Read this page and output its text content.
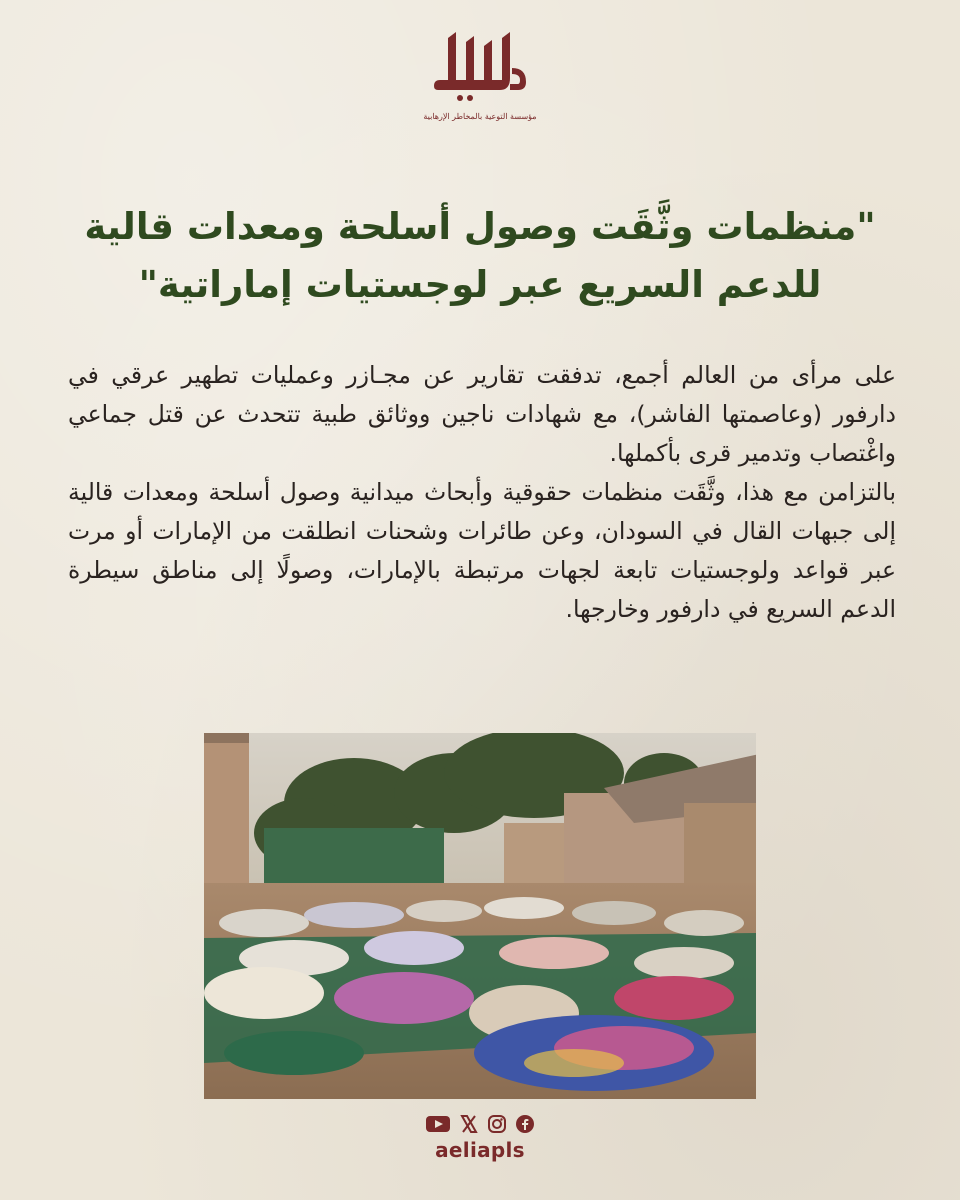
مؤسسة التوعية بالمخاطر الإرهابية
"منظمات وثَّقَت وصول أسلحة ومعدات قالية
للدعم السريع عبر لوجستيات إماراتية"

على مرأى من العالم أجمع، تدفقت تقارير عن مجـازر وعمليات تطهير عرقي في دارفور (وعاصمتها الفاشر)، مع شهادات ناجين ووثائق طبية تتحدث عن قتل جماعي واغْتصاب وتدمير قرى بأكملها.

بالتزامن مع هذا، وثَّقَت منظمات حقوقية وأبحاث ميدانية وصول أسلحة ومعدات قالية إلى جبهات القال في السودان، وعن طائرات وشحنات انطلقت من الإمارات أو مرت عبر قواعد ولوجستيات تابعة لجهات مرتبطة بالإمارات، وصولًا إلى مناطق سيطرة الدعم السريع في دارفور وخارجها.

aeliapls
